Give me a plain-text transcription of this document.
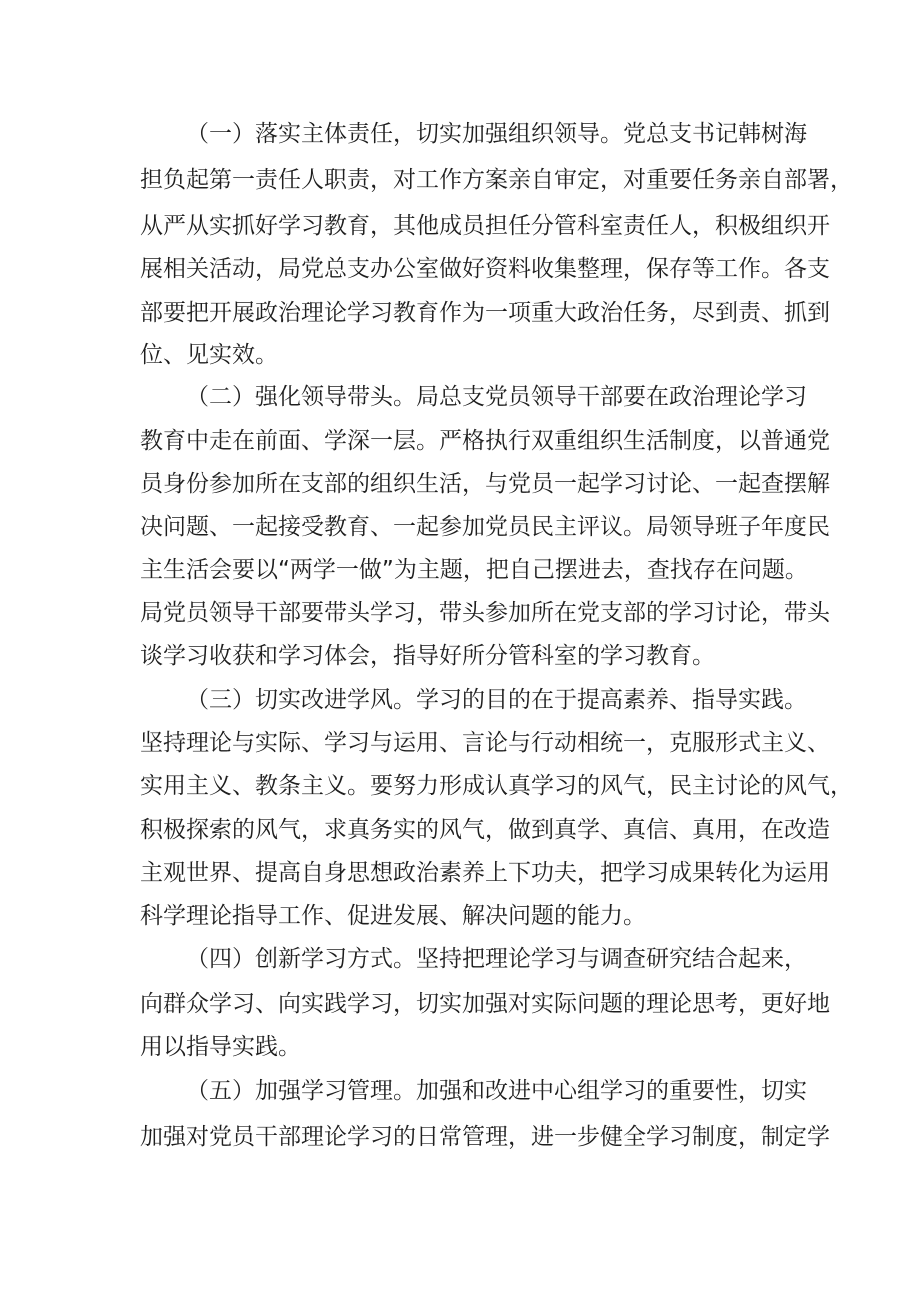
（一）落实主体责任，切实加强组织领导。党总支书记韩树海
担负起第一责任人职责，对工作方案亲自审定，对重要任务亲自部署，
从严从实抓好学习教育，其他成员担任分管科室责任人，积极组织开
展相关活动，局党总支办公室做好资料收集整理，保存等工作。各支
部要把开展政治理论学习教育作为一项重大政治任务，尽到责、抓到
位、见实效。
（二）强化领导带头。局总支党员领导干部要在政治理论学习
教育中走在前面、学深一层。严格执行双重组织生活制度，以普通党
员身份参加所在支部的组织生活，与党员一起学习讨论、一起查摆解
决问题、一起接受教育、一起参加党员民主评议。局领导班子年度民
主生活会要以“两学一做”为主题，把自己摆进去，查找存在问题。
局党员领导干部要带头学习，带头参加所在党支部的学习讨论，带头
谈学习收获和学习体会，指导好所分管科室的学习教育。
（三）切实改进学风。学习的目的在于提高素养、指导实践。
坚持理论与实际、学习与运用、言论与行动相统一，克服形式主义、
实用主义、教条主义。要努力形成认真学习的风气，民主讨论的风气，
积极探索的风气，求真务实的风气，做到真学、真信、真用，在改造
主观世界、提高自身思想政治素养上下功夫，把学习成果转化为运用
科学理论指导工作、促进发展、解决问题的能力。
（四）创新学习方式。坚持把理论学习与调查研究结合起来，
向群众学习、向实践学习，切实加强对实际问题的理论思考，更好地
用以指导实践。
（五）加强学习管理。加强和改进中心组学习的重要性，切实
加强对党员干部理论学习的日常管理，进一步健全学习制度，制定学
